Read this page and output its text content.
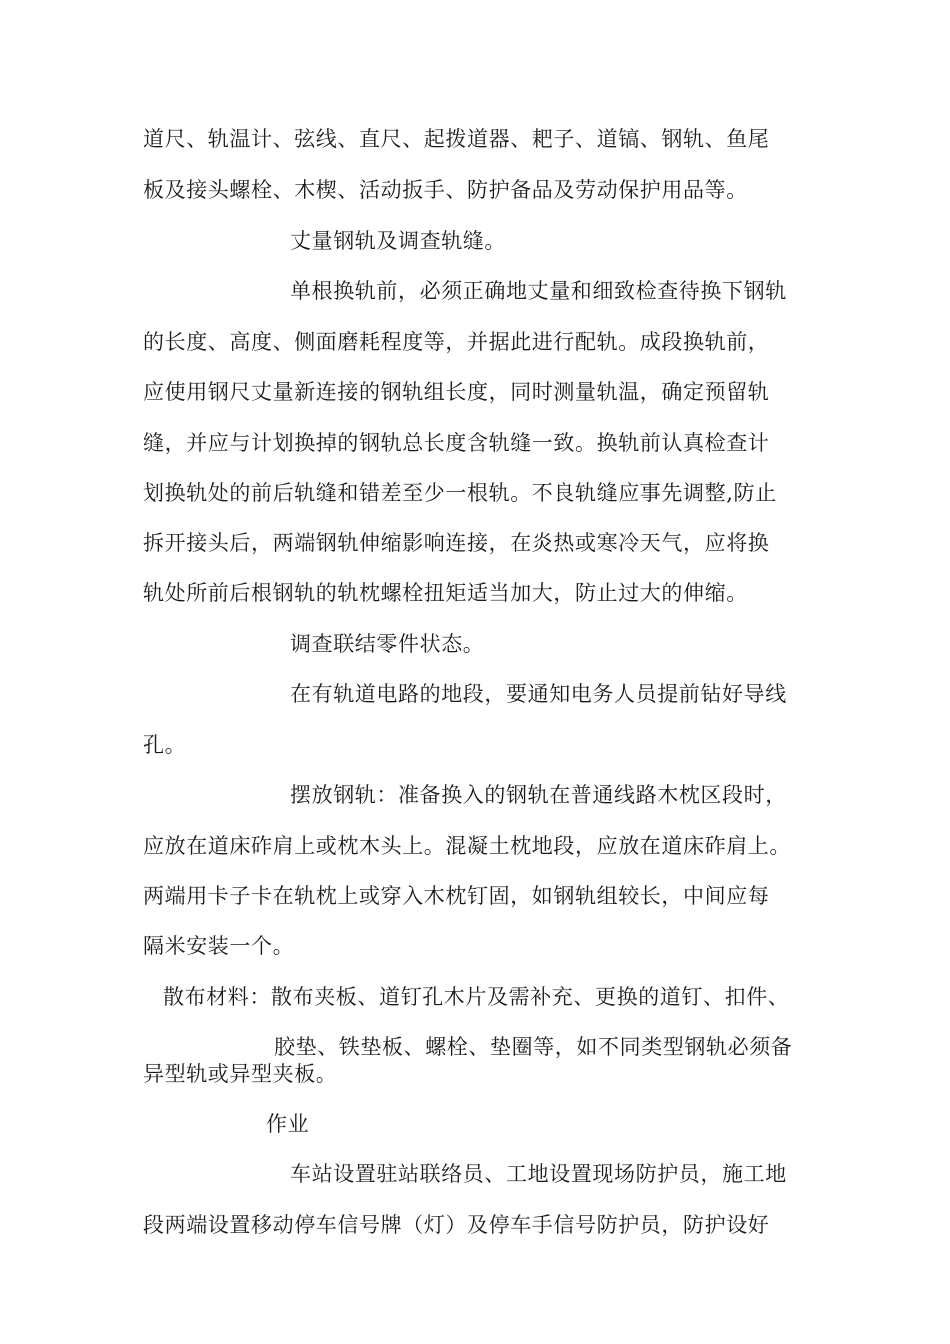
道尺、轨温计、弦线、直尺、起拨道器、耙子、道镐、钢轨、鱼尾
板及接头螺栓、木楔、活动扳手、防护备品及劳动保护用品等。
丈量钢轨及调查轨缝。
单根换轨前，必须正确地丈量和细致检查待换下钢轨
的长度、高度、侧面磨耗程度等，并据此进行配轨。成段换轨前，
应使用钢尺丈量新连接的钢轨组长度，同时测量轨温，确定预留轨
缝，并应与计划换掉的钢轨总长度含轨缝一致。换轨前认真检查计
划换轨处的前后轨缝和错差至少一根轨。不良轨缝应事先调整,防止
拆开接头后，两端钢轨伸缩影响连接，在炎热或寒冷天气，应将换
轨处所前后根钢轨的轨枕螺栓扭矩适当加大，防止过大的伸缩。
调查联结零件状态。
在有轨道电路的地段，要通知电务人员提前钻好导线
孔。
摆放钢轨：准备换入的钢轨在普通线路木枕区段时，
应放在道床砟肩上或枕木头上。混凝土枕地段，应放在道床砟肩上。
两端用卡子卡在轨枕上或穿入木枕钉固，如钢轨组较长，中间应每
隔米安装一个。
散布材料：散布夹板、道钉孔木片及需补充、更换的道钉、扣件、
胶垫、铁垫板、螺栓、垫圈等，如不同类型钢轨必须备
异型轨或异型夹板。
作业
车站设置驻站联络员、工地设置现场防护员，施工地
段两端设置移动停车信号牌（灯）及停车手信号防护员，防护设好
